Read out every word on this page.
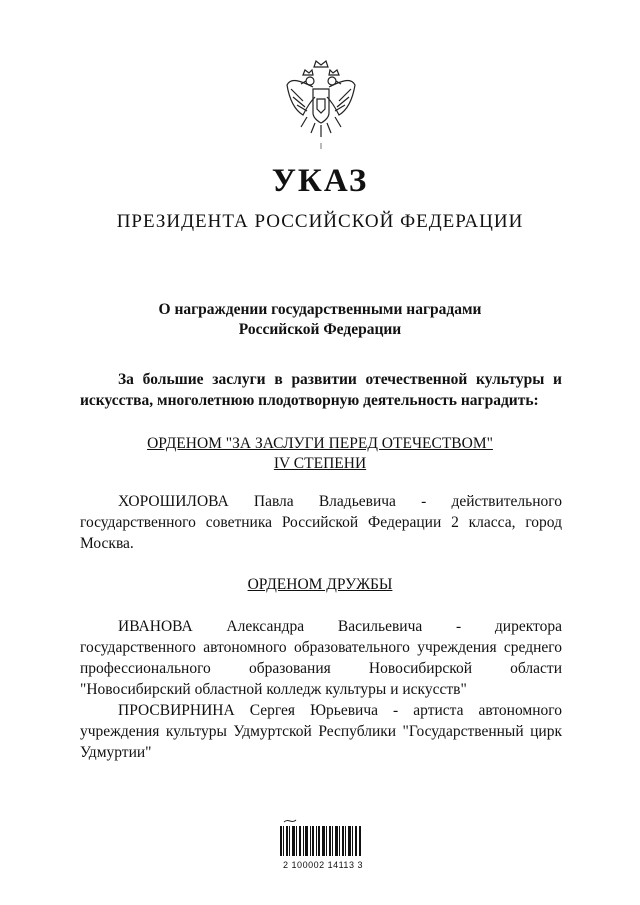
УКАЗ
ПРЕЗИДЕНТА РОССИЙСКОЙ ФЕДЕРАЦИИ
О награждении государственными наградами
Российской Федерации
За большие заслуги в развитии отечественной культуры и искусства, многолетнюю плодотворную деятельность наградить:
ОРДЕНОМ "ЗА ЗАСЛУГИ ПЕРЕД ОТЕЧЕСТВОМ"
IV СТЕПЕНИ
ХОРОШИЛОВА Павла Владьевича - действительного государственного советника Российской Федерации 2 класса, город Москва.
ОРДЕНОМ ДРУЖБЫ
ИВАНОВА Александра Васильевича - директора государственного автономного образовательного учреждения среднего профессионального образования Новосибирской области "Новосибирский областной колледж культуры и искусств"
ПРОСВИРНИНА Сергея Юрьевича - артиста автономного учреждения культуры Удмуртской Республики "Государственный цирк Удмуртии"
2 100002 14113 3
